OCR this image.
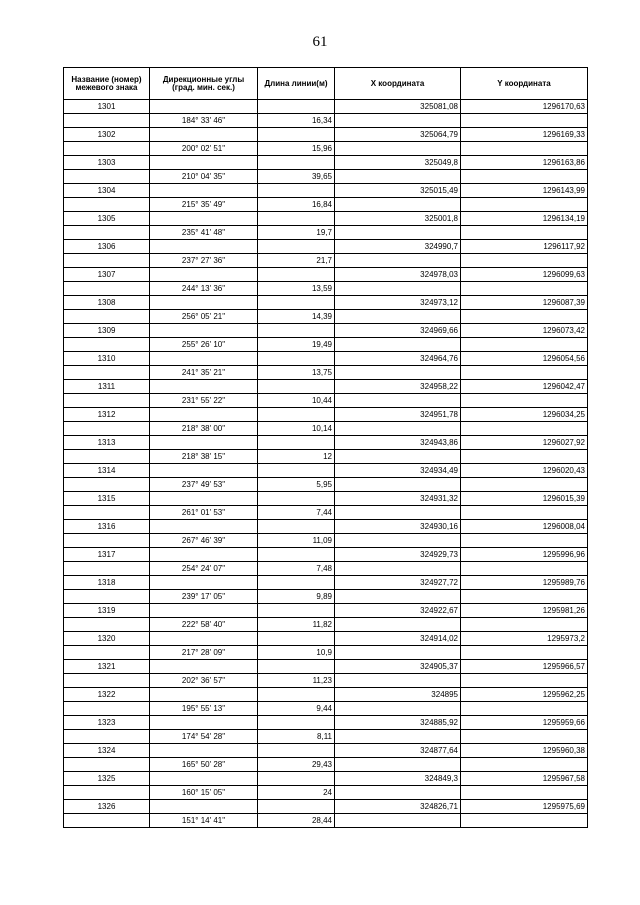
61
Название (номер) межевого знака	Дирекционные углы (град. мин. сек.)	Длина линии(м)	X координата	Y координата
1301			325081,08	1296170,63
	184° 33' 46"	16,34		
1302			325064,79	1296169,33
	200° 02' 51"	15,96		
1303			325049,8	1296163,86
	210° 04' 35"	39,65		
1304			325015,49	1296143,99
	215° 35' 49"	16,84		
1305			325001,8	1296134,19
	235° 41' 48"	19,7		
1306			324990,7	1296117,92
	237° 27' 36"	21,7		
1307			324978,03	1296099,63
	244° 13' 36"	13,59		
1308			324973,12	1296087,39
	256° 05' 21"	14,39		
1309			324969,66	1296073,42
	255° 26' 10"	19,49		
1310			324964,76	1296054,56
	241° 35' 21"	13,75		
1311			324958,22	1296042,47
	231° 55' 22"	10,44		
1312			324951,78	1296034,25
	218° 38' 00"	10,14		
1313			324943,86	1296027,92
	218° 38' 15"	12		
1314			324934,49	1296020,43
	237° 49' 53"	5,95		
1315			324931,32	1296015,39
	261° 01' 53"	7,44		
1316			324930,16	1296008,04
	267° 46' 39"	11,09		
1317			324929,73	1295996,96
	254° 24' 07"	7,48		
1318			324927,72	1295989,76
	239° 17' 05"	9,89		
1319			324922,67	1295981,26
	222° 58' 40"	11,82		
1320			324914,02	1295973,2
	217° 28' 09"	10,9		
1321			324905,37	1295966,57
	202° 36' 57"	11,23		
1322			324895	1295962,25
	195° 55' 13"	9,44		
1323			324885,92	1295959,66
	174° 54' 28"	8,11		
1324			324877,64	1295960,38
	165° 50' 28"	29,43		
1325			324849,3	1295967,58
	160° 15' 05"	24		
1326			324826,71	1295975,69
	151° 14' 41"	28,44		
